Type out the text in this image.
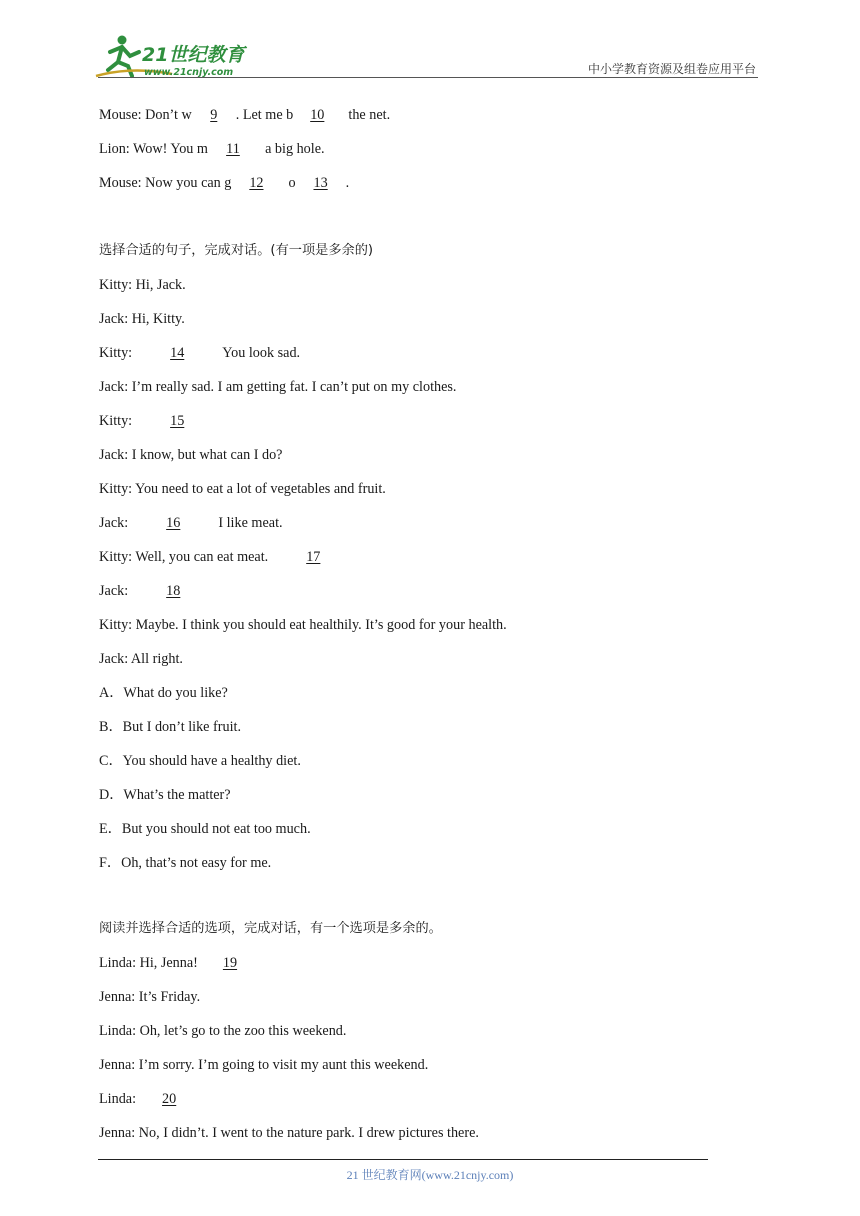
21世纪教育
www.21cnjy.com	中小学教育资源及组卷应用平台
Mouse: Don’t w 9 . Let me b 10 the net.
Lion: Wow! You m 11 a big hole.
Mouse: Now you can g 12 o 13 .
选择合适的句子，完成对话。(有一项是多余的)
Kitty: Hi, Jack.
Jack: Hi, Kitty.
Kitty:	14	You look sad.
Jack: I’m really sad. I am getting fat. I can’t put on my clothes.
Kitty:	15
Jack: I know, but what can I do?
Kitty: You need to eat a lot of vegetables and fruit.
Jack:	16	I like meat.
Kitty: Well, you can eat meat.	17
Jack:	18
Kitty: Maybe. I think you should eat healthily. It’s good for your health.
Jack: All right.
A．What do you like?
B．But I don’t like fruit.
C．You should have a healthy diet.
D．What’s the matter?
E．But you should not eat too much.
F．Oh, that’s not easy for me.
阅读并选择合适的选项，完成对话，有一个选项是多余的。
Linda: Hi, Jenna! 19
Jenna: It’s Friday.
Linda: Oh, let’s go to the zoo this weekend.
Jenna: I’m sorry. I’m going to visit my aunt this weekend.
Linda: 20
Jenna: No, I didn’t. I went to the nature park. I drew pictures there.
21 世纪教育网(www.21cnjy.com)
